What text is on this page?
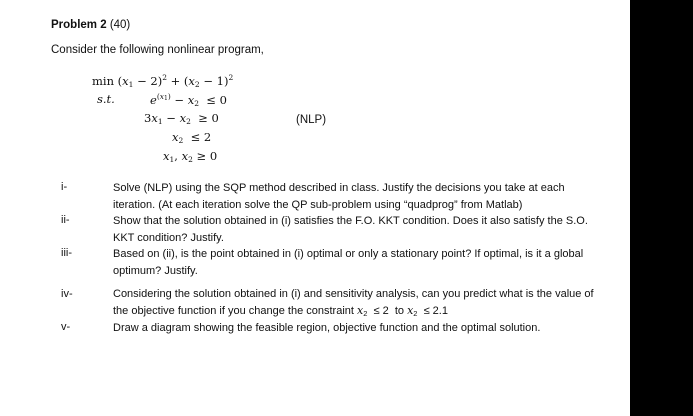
Problem 2 (40)
Consider the following nonlinear program,
$\min (x_1 - 2)^2 + (x_2 - 1)^2$
s.t.	$e^{(x_1)} - x_2 \le 0$
$3x_1 - x_2 \ge 0$	(NLP)
$x_2 \le 2$
$x_1$, $x_2 \ge 0$
i-	Solve (NLP) using the SQP method described in class. Justify the decisions you take at each iteration. (At each iteration solve the QP sub-problem using “quadprog” from Matlab)
ii-	Show that the solution obtained in (i) satisfies the F.O. KKT condition. Does it also satisfy the S.O. KKT condition? Justify.
iii-	Based on (ii), is the point obtained in (i) optimal or only a stationary point? If optimal, is it a global optimum? Justify.
iv-	Considering the solution obtained in (i) and sensitivity analysis, can you predict what is the value of the objective function if you change the constraint $x_2 \le 2$  to $x_2 \le 2.1$
v-	Draw a diagram showing the feasible region, objective function and the optimal solution.
